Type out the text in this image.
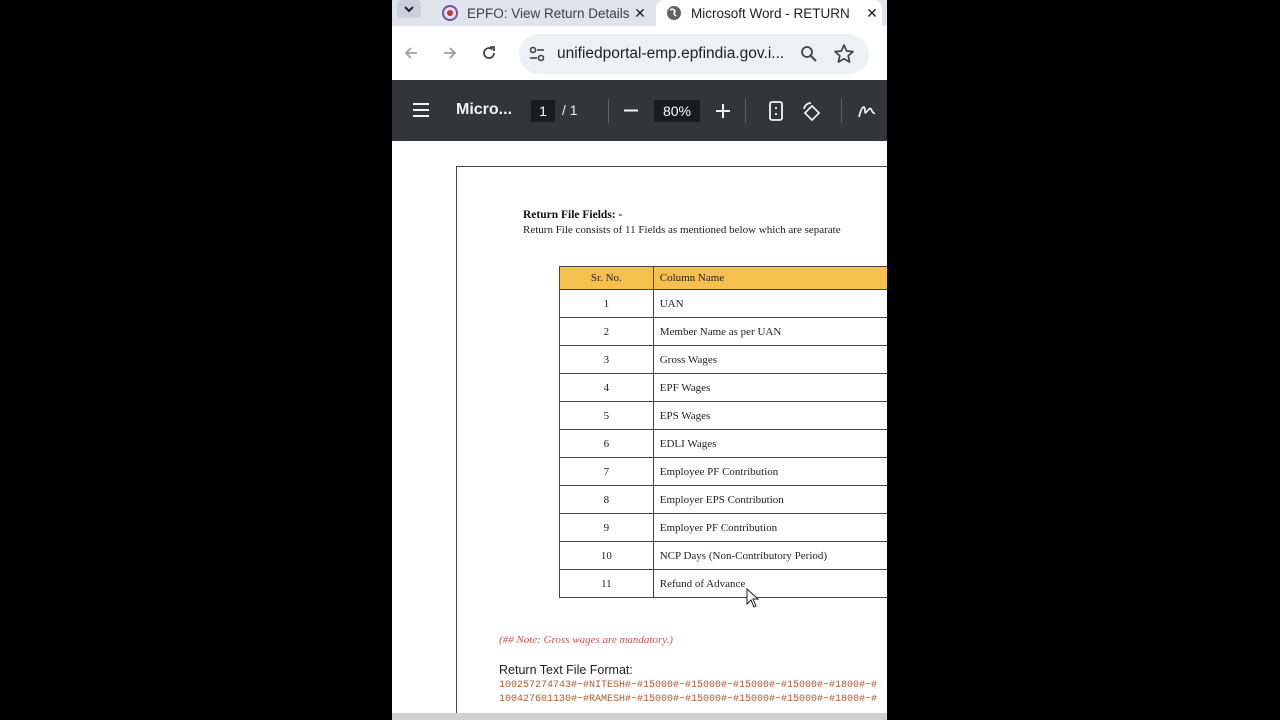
EPFO: View Return Details ✕	Microsoft Word - RETURN	✕
unifiedportal-emp.epfindia.gov.i...
Micro...	1	/ 1	80%
Return File Fields: -
Return File consists of 11 Fields as mentioned below which are separate
Sr. No.	Column Name
1	UAN
2	Member Name as per UAN
3	Gross Wages
4	EPF Wages
5	EPS Wages
6	EDLI Wages
7	Employee PF Contribution
8	Employer EPS Contribution
9	Employer PF Contribution
10	NCP Days (Non-Contributory Period)
11	Refund of Advance
(## Note: Gross wages are mandatory.)
Return Text File Format:
100257274743#~#NITESH#~#15000#~#15000#~#15000#~#15000#~#1800#~#
100427601130#~#RAMESH#~#15000#~#15000#~#15000#~#15000#~#1800#~#
